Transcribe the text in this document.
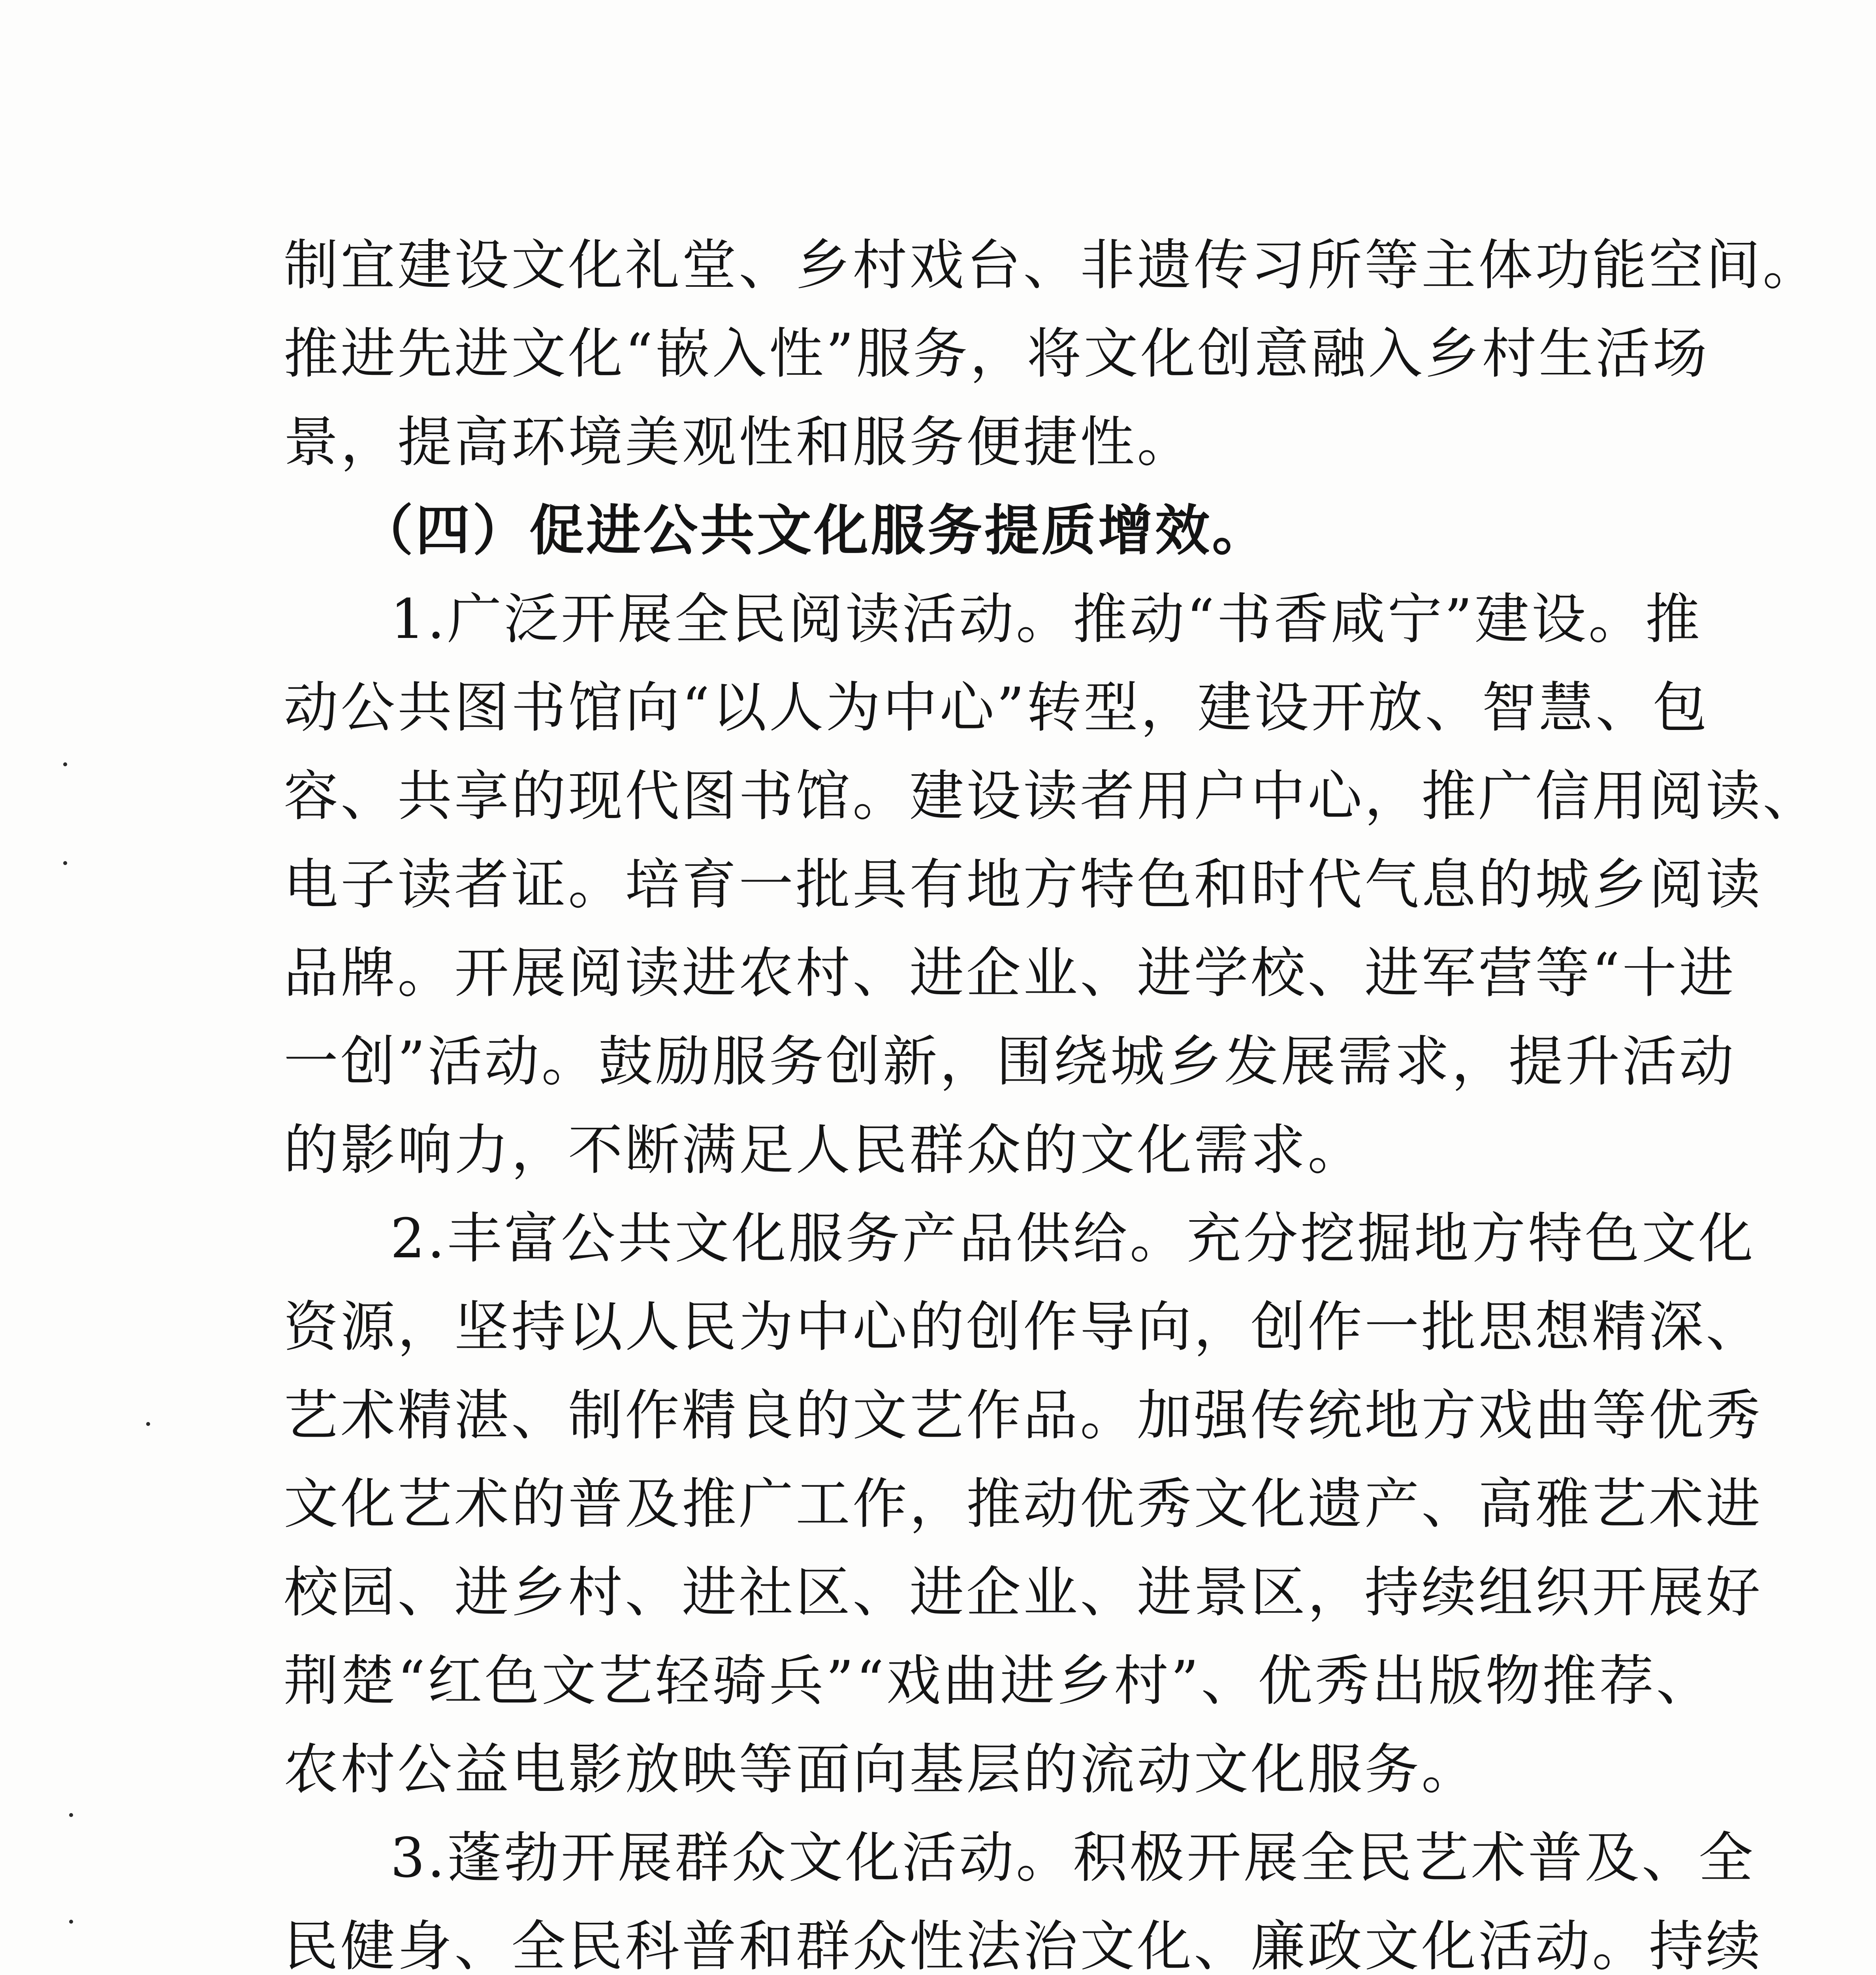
制宜建设文化礼堂、乡村戏台、非遗传习所等主体功能空间。
推进先进文化“嵌入性”服务，将文化创意融入乡村生活场
景，提高环境美观性和服务便捷性。
（四）促进公共文化服务提质增效。
1.广泛开展全民阅读活动。推动“书香咸宁”建设。推
动公共图书馆向“以人为中心”转型，建设开放、智慧、包
容、共享的现代图书馆。建设读者用户中心，推广信用阅读、
电子读者证。培育一批具有地方特色和时代气息的城乡阅读
品牌。开展阅读进农村、进企业、进学校、进军营等“十进
一创”活动。鼓励服务创新，围绕城乡发展需求，提升活动
的影响力，不断满足人民群众的文化需求。
2.丰富公共文化服务产品供给。充分挖掘地方特色文化
资源，坚持以人民为中心的创作导向，创作一批思想精深、
艺术精湛、制作精良的文艺作品。加强传统地方戏曲等优秀
文化艺术的普及推广工作，推动优秀文化遗产、高雅艺术进
校园、进乡村、进社区、进企业、进景区，持续组织开展好
荆楚“红色文艺轻骑兵”“戏曲进乡村”、优秀出版物推荐、
农村公益电影放映等面向基层的流动文化服务。
3.蓬勃开展群众文化活动。积极开展全民艺术普及、全
民健身、全民科普和群众性法治文化、廉政文化活动。持续
